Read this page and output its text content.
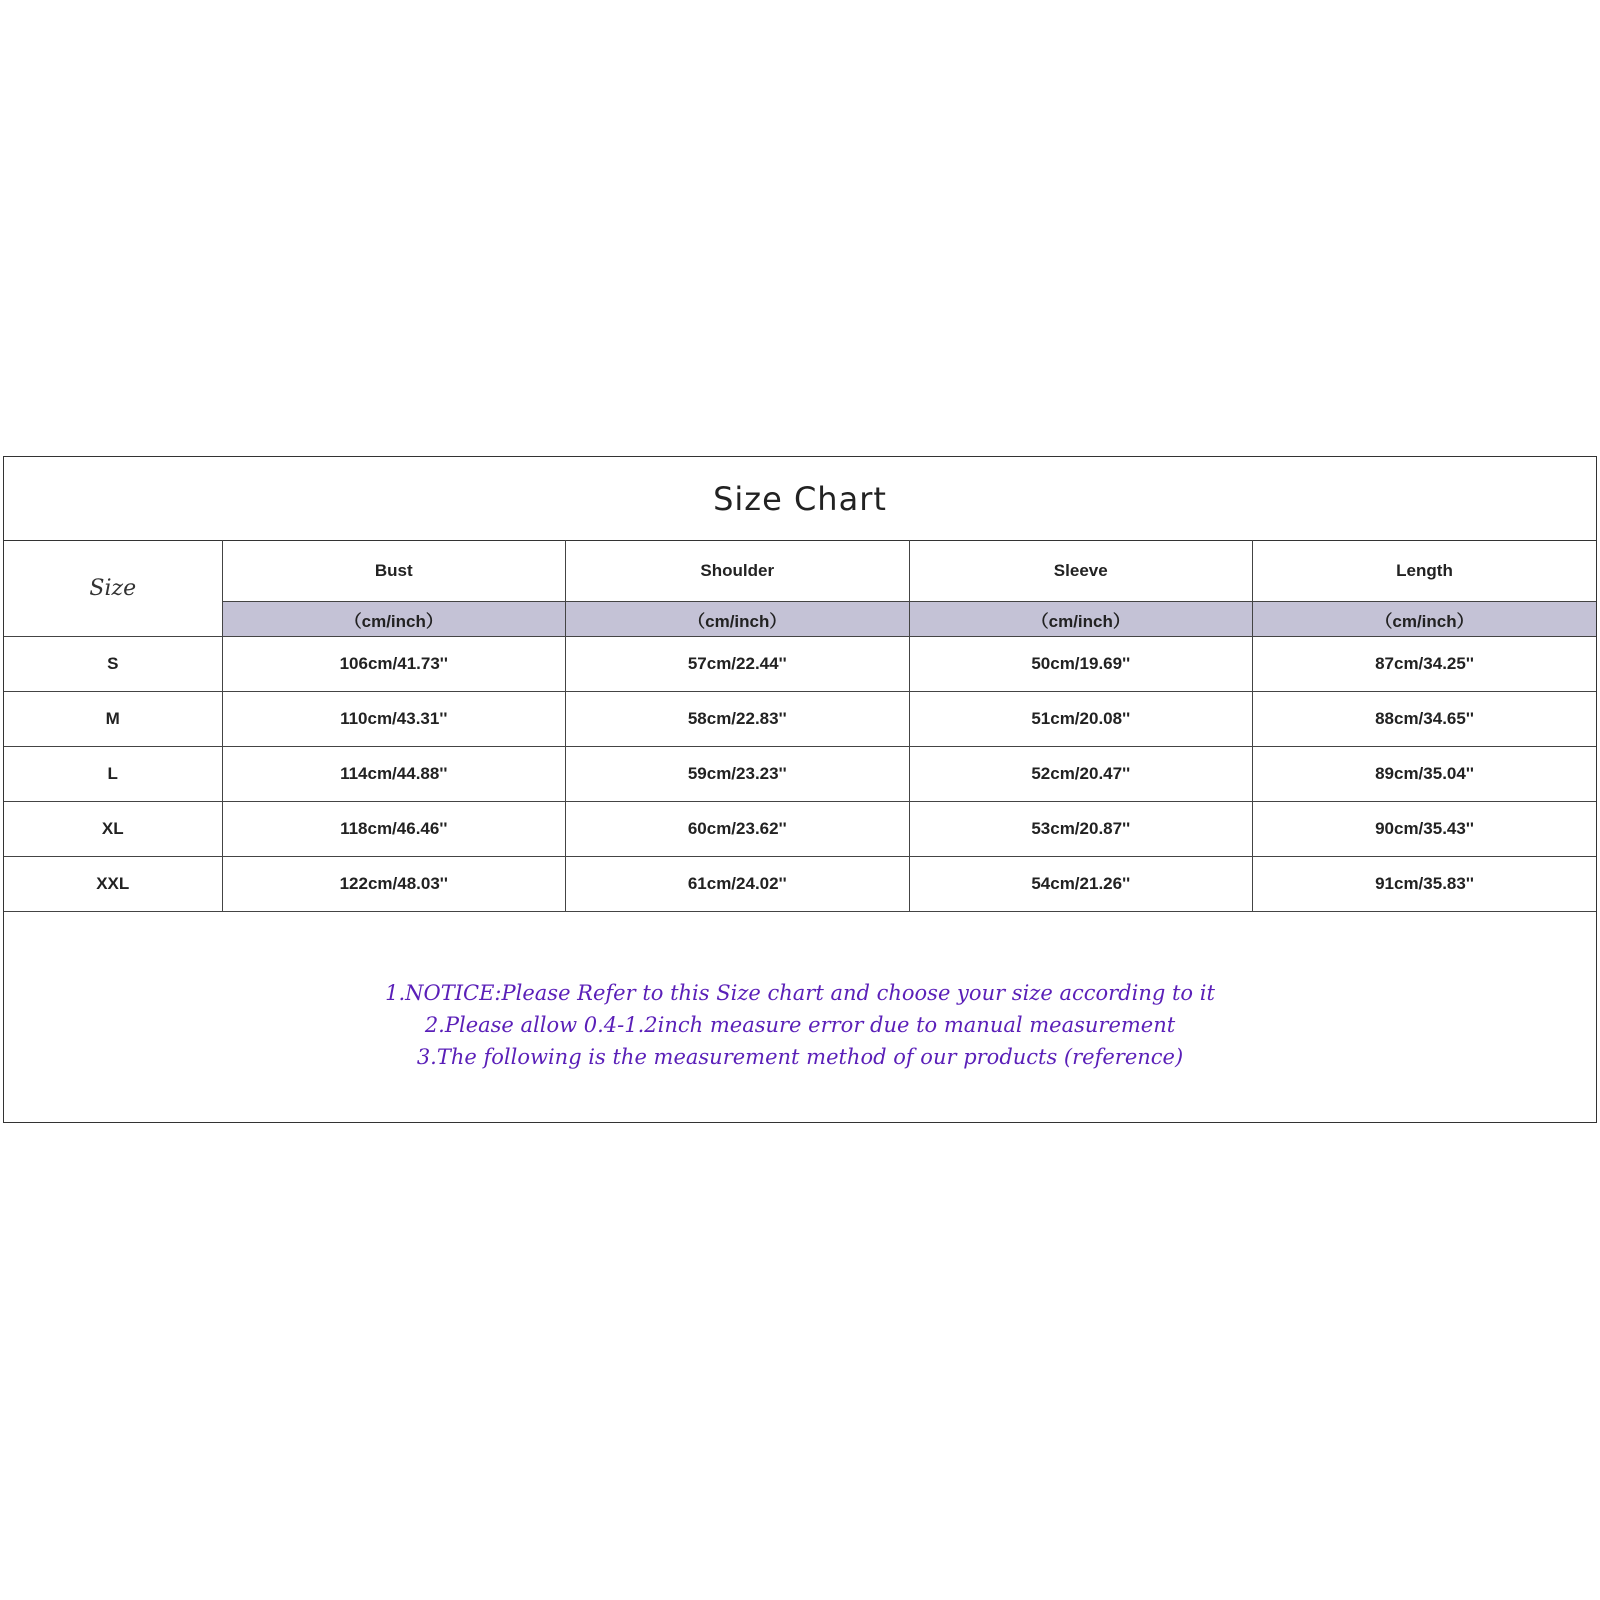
Size Chart
Size	Bust	Shoulder	Sleeve	Length
	（cm/inch）	（cm/inch）	（cm/inch）	（cm/inch）
S	106cm/41.73''	57cm/22.44''	50cm/19.69''	87cm/34.25''
M	110cm/43.31''	58cm/22.83''	51cm/20.08''	88cm/34.65''
L	114cm/44.88''	59cm/23.23''	52cm/20.47''	89cm/35.04''
XL	118cm/46.46''	60cm/23.62''	53cm/20.87''	90cm/35.43''
XXL	122cm/48.03''	61cm/24.02''	54cm/21.26''	91cm/35.83''
1.NOTICE:Please Refer to this Size chart and choose your size according to it
2.Please allow 0.4-1.2inch measure error due to manual measurement
3.The following is the measurement method of our products (reference)
